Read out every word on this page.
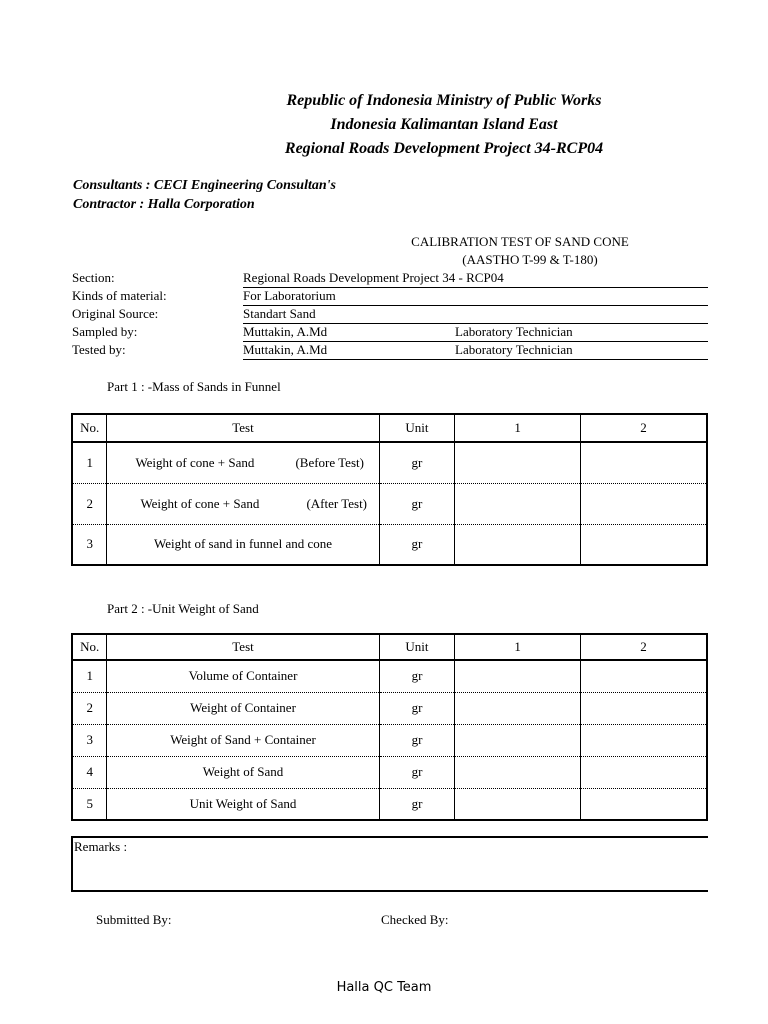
Republic of Indonesia Ministry of Public Works
Indonesia Kalimantan Island East
Regional Roads Development Project 34-RCP04
Consultants : CECI Engineering Consultan's
Contractor : Halla Corporation
CALIBRATION TEST OF SAND CONE
(AASTHO T-99 & T-180)
Section:	Regional Roads Development Project 34 - RCP04
Kinds of material:	For Laboratorium
Original Source:	Standart Sand
Sampled by:	Muttakin, A.Md	Laboratory Technician
Tested by:	Muttakin, A.Md	Laboratory Technician
Part 1 : -Mass of Sands in Funnel
No.	Test	Unit	1	2
1	Weight of cone + Sand (Before Test)	gr		
2	Weight of cone + Sand (After Test)	gr		
3	Weight of sand in funnel and cone	gr		
Part 2 : -Unit Weight of Sand
No.	Test	Unit	1	2
1	Volume of Container	gr		
2	Weight of Container	gr		
3	Weight of Sand + Container	gr		
4	Weight of Sand	gr		
5	Unit Weight of Sand	gr		
Remarks :
Submitted By:	Checked By:
Halla QC Team
